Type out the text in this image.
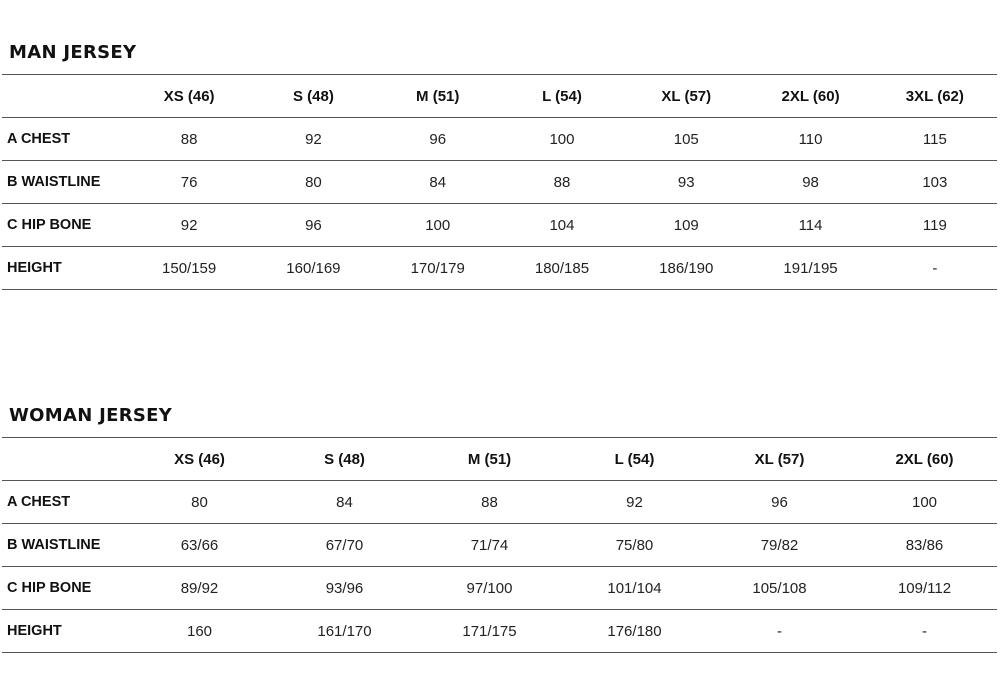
MAN JERSEY
	XS (46)	S (48)	M (51)	L (54)	XL (57)	2XL (60)	3XL (62)
A CHEST	88	92	96	100	105	110	115
B WAISTLINE	76	80	84	88	93	98	103
C HIP BONE	92	96	100	104	109	114	119
HEIGHT	150/159	160/169	170/179	180/185	186/190	191/195	-
WOMAN JERSEY
	XS (46)	S (48)	M (51)	L (54)	XL (57)	2XL (60)
A CHEST	80	84	88	92	96	100
B WAISTLINE	63/66	67/70	71/74	75/80	79/82	83/86
C HIP BONE	89/92	93/96	97/100	101/104	105/108	109/112
HEIGHT	160	161/170	171/175	176/180	-	-
